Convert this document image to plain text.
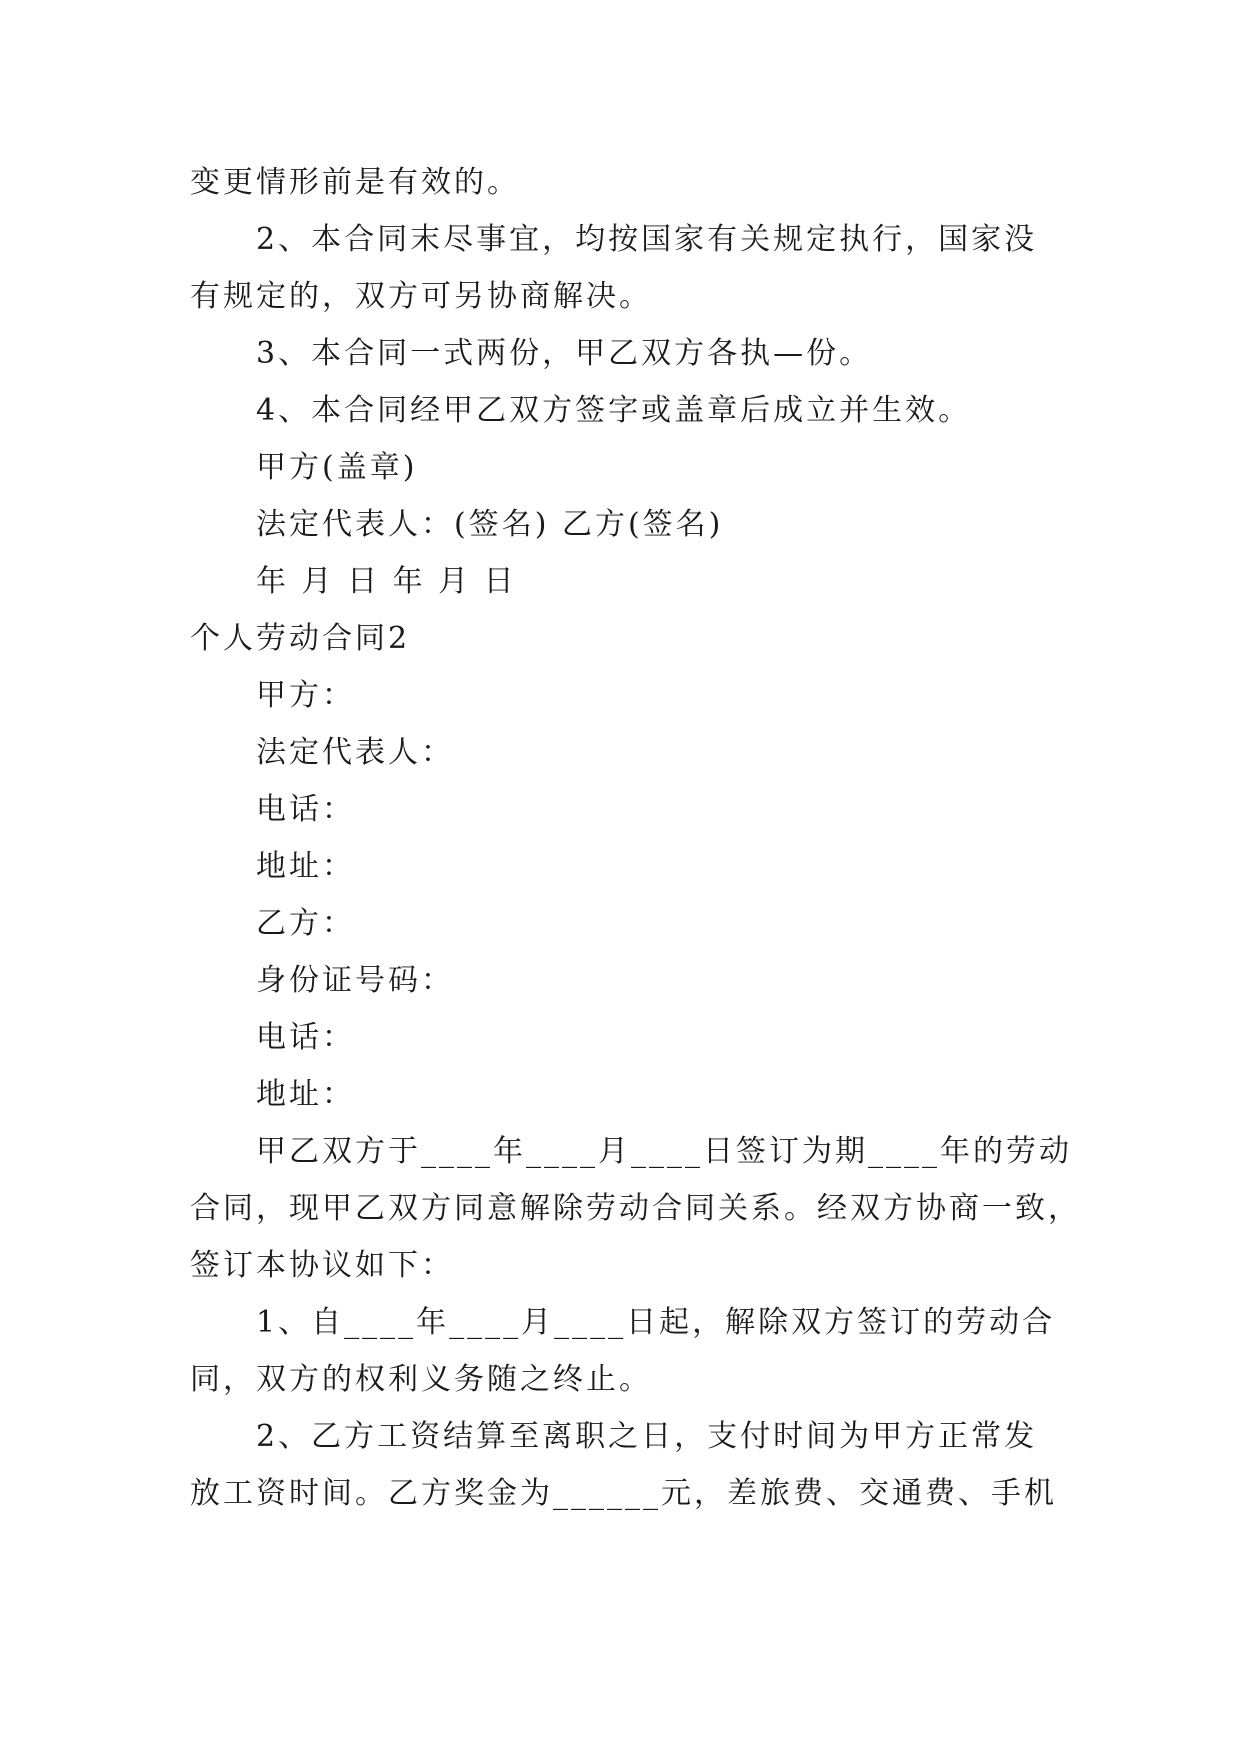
变更情形前是有效的。
2、本合同末尽事宜，均按国家有关规定执行，国家没
有规定的，双方可另协商解决。
3、本合同一式两份，甲乙双方各执—份。
4、本合同经甲乙双方签字或盖章后成立并生效。
甲方(盖章)
法定代表人：(签名) 乙方(签名)
年 月 日 年 月 日
个人劳动合同2
甲方：
法定代表人：
电话：
地址：
乙方：
身份证号码：
电话：
地址：
甲乙双方于____年____月____日签订为期____年的劳动
合同，现甲乙双方同意解除劳动合同关系。经双方协商一致，
签订本协议如下：
1、自____年____月____日起，解除双方签订的劳动合
同，双方的权利义务随之终止。
2、乙方工资结算至离职之日，支付时间为甲方正常发
放工资时间。乙方奖金为______元，差旅费、交通费、手机
